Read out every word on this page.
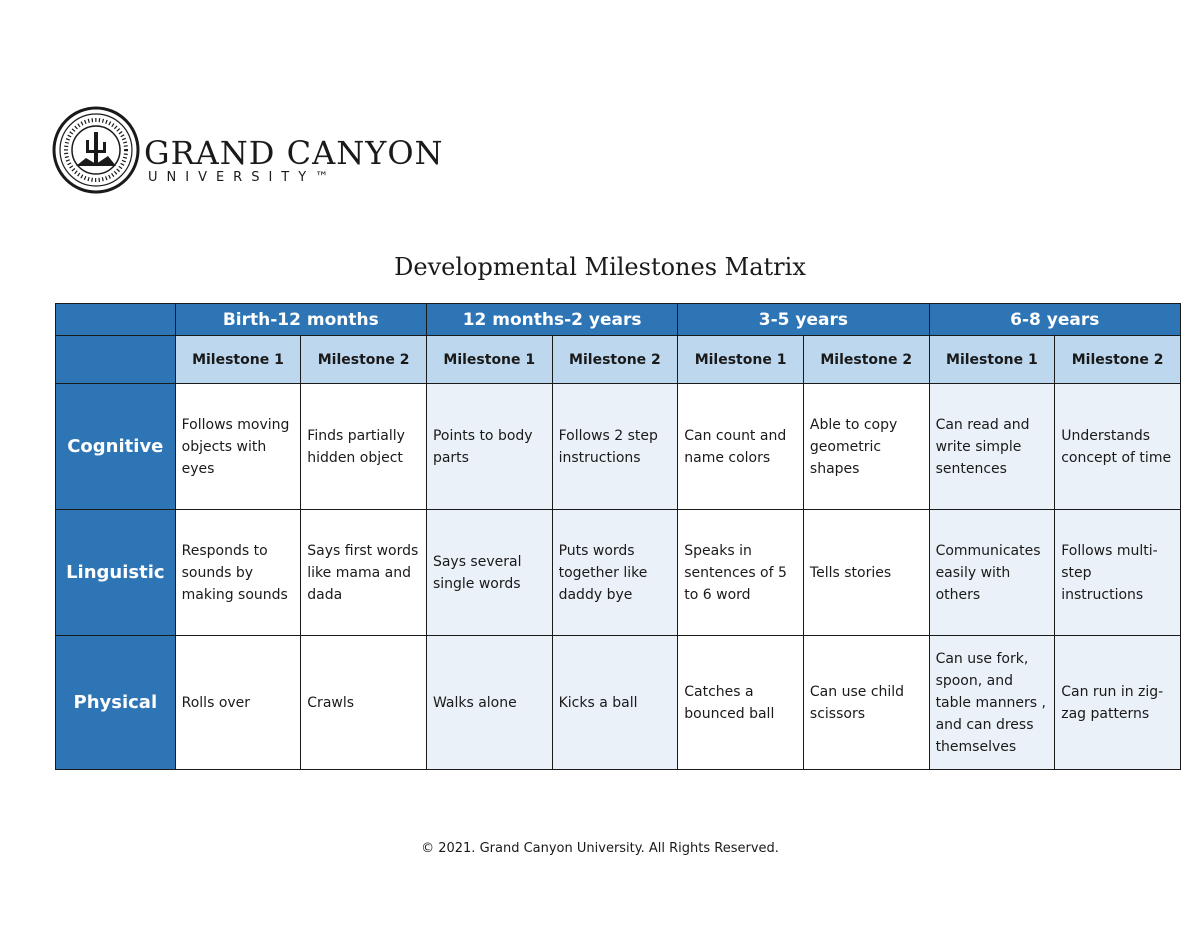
GRAND CANYON
UNIVERSITY™
Developmental Milestones Matrix
	Birth-12 months		12 months-2 years		3-5 years		6-8 years	
	Milestone 1	Milestone 2	Milestone 1	Milestone 2	Milestone 1	Milestone 2	Milestone 1	Milestone 2
Cognitive	Follows moving objects with eyes	Finds partially hidden object	Points to body parts	Follows 2 step instructions	Can count and name colors	Able to copy geometric shapes	Can read and write simple sentences	Understands concept of time
Linguistic	Responds to sounds by making sounds	Says first words like mama and dada	Says several single words	Puts words together like daddy bye	Speaks in sentences of 5 to 6 word	Tells stories	Communicates easily with others	Follows multi-step instructions
Physical	Rolls over	Crawls	Walks alone	Kicks a ball	Catches a bounced ball	Can use child scissors	Can use fork, spoon, and table manners , and can dress themselves	Can run in zig-zag patterns
© 2021. Grand Canyon University. All Rights Reserved.
